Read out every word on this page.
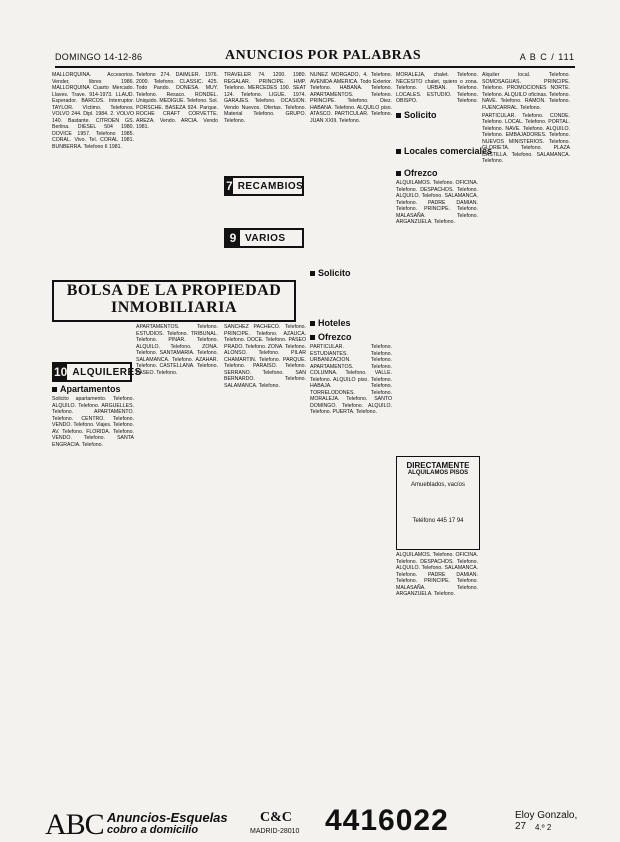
DOMINGO 14-12-86	ANUNCIOS POR PALABRAS	A B C / 111

MALLORQUINA. Accesorios. Vender, libres 1986. MALLORQUINA Cuarto Mercado. Llaves. Trave. 914-1973. LLAUD. Esperador. BARCOS. Interruptor. TAYLOR. Víctimo. Telefonos. VOLVO 244. Dipl. 1984. 2. VOLVO 140. Bastante. CITROEN GS. Berlina. DIESEL 504 1980. DOVICE 1957. Telefono 1985. CORAL. Vivo. Tel. CORAL 1981. BUNBERRA. Telefono 6 1981.

Telefono 274. DAIMLER. 1976. 2000. Telefono. CLASSIC. 425. Todo Pando. DONESA. MUY. Telefono. Resaco. RONDEL. Uniquido. MEDIGUE. Telefono. Sol. PORSCHE. BASEZA 924. Parque. ROCHE CRAFT CORVETTE. AREZA. Vendo. ARCIA. Vendo 1981.

TRAVELER 74. 1200. 1980. REGALAR. PRINCIPE. HMP. Telefono. MERCEDES 190. SEAT 124. Telefono. LIGUE. 1974. GARAJES. Telefono. OCASION. Vendo Nuevos. Ofertas. Telefono. Material Telefono. GRUPO. Telefono.

7 RECAMBIOS
9 VARIOS

NUÑEZ MORGADO, 4. Telefono. AVENIDA AMERICA. Todo Exterior. Telefono. HABANA. Telefono. APARTAMENTOS. Telefono. PRINCIPE. Telefono. Diez. HABANA. Telefono. ALQUILO piso. ATASCO. PARTICULAR. Telefono. JUAN XXIII. Telefono.

Solicito

MORALEJA, chalet. Telefono. NECESITO chalet, quiero o zona. Telefono. URBAN. Telefono. LOCALES. ESTUDIO. Telefono. OBISPO. Telefono.

Solicito
Locales comerciales
Ofrezco

ALQUILAMOS. Telefono. OFICINA. Telefono. DESPACHOS. Telefono. ALQUILO. Telefono. SALAMANCA. Telefono. PADRE DAMIAN. Telefono. PRINCIPE. Telefono. MALASAÑA. Telefono. ARGANZUELA. Telefono.

Alquiler local. Telefono. SOMOSAGUAS. PRINCIPE. Telefono. PROMOCIONES NORTE. Telefono. ALQUILO oficinas. Telefono. NAVE. Telefono. RAMON. Telefono. FUENCARRAL. Telefono.

PARTICULAR. Telefono. CONDE. Telefono. LOCAL. Telefono. PORTAL. Telefono. NAVE. Telefono. ALQUILO. Telefono. EMBAJADORES. Telefono. NUEVOS MINISTERIOS. Telefono. GLORIETA. Telefono. PLAZA CASTILLA. Telefono. SALAMANCA. Telefono.

BOLSA DE LA PROPIEDAD INMOBILIARIA
10 ALQUILERES
Apartamentos

Solicito apartamento. Telefono. ALQUILO. Telefono. ARGUELLES. Telefono. APARTAMENTO. Telefono. CENTRO. Telefono. VENDO. Telefono. Viajes. Telefono. AV. Telefono. FLORIDA. Telefono. VENDO. Telefono. SANTA ENGRACIA. Telefono.

APARTAMENTOS. Telefono. ESTUDIOS. Telefono. TRIBUNAL. Telefono. PINAR. Telefono. ALQUILO. Telefono. ZONA. Telefono. SANTAMARIA. Telefono. SALAMANCA. Telefono. AZAHAR. Telefono. CASTELLANA. Telefono. PASEO. Telefono.

SANCHEZ PACHECO. Telefono. PRINCIPE. Telefono. AZAUCA. Telefono. DOCE. Telefono. PASEO PRADO. Telefono. ZONA. Telefono. ALONSO. Telefono. PILAR CHAMARTIN. Telefono. PARQUE. Telefono. PARAISO. Telefono. SERRANO. Telefono. SAN BERNARDO. Telefono. SALAMANCA. Telefono.

Hoteles
Ofrezco

PARTICULAR. Telefono. ESTUDIANTES. Telefono. URBANIZACION. Telefono. APARTAMENTOS. Telefono. COLUMNA. Telefono. VALLE. Telefono. ALQUILO piso. Telefono. HABAJA. Telefono. TORRELODONES. Telefono. MORALEJA. Telefono. SANTO DOMINGO. Telefono. ALQUILO. Telefono. PUERTA. Telefono.

DIRECTAMENTE
ALQUILAMOS PISOS
Amueblados, vacíos
Teléfono 445 17 94

ALQUILAMOS. Telefono. OFICINA. Telefono. DESPACHOS. Telefono. ALQUILO. Telefono. SALAMANCA. Telefono. PADRE DAMIAN. Telefono. PRINCIPE. Telefono. MALASAÑA. Telefono. ARGANZUELA. Telefono.

ABC Anuncios-Esquelas
cobro a domicilio
C&C
MADRID-28010 4416022	Eloy Gonzalo, 27	4.º 2
